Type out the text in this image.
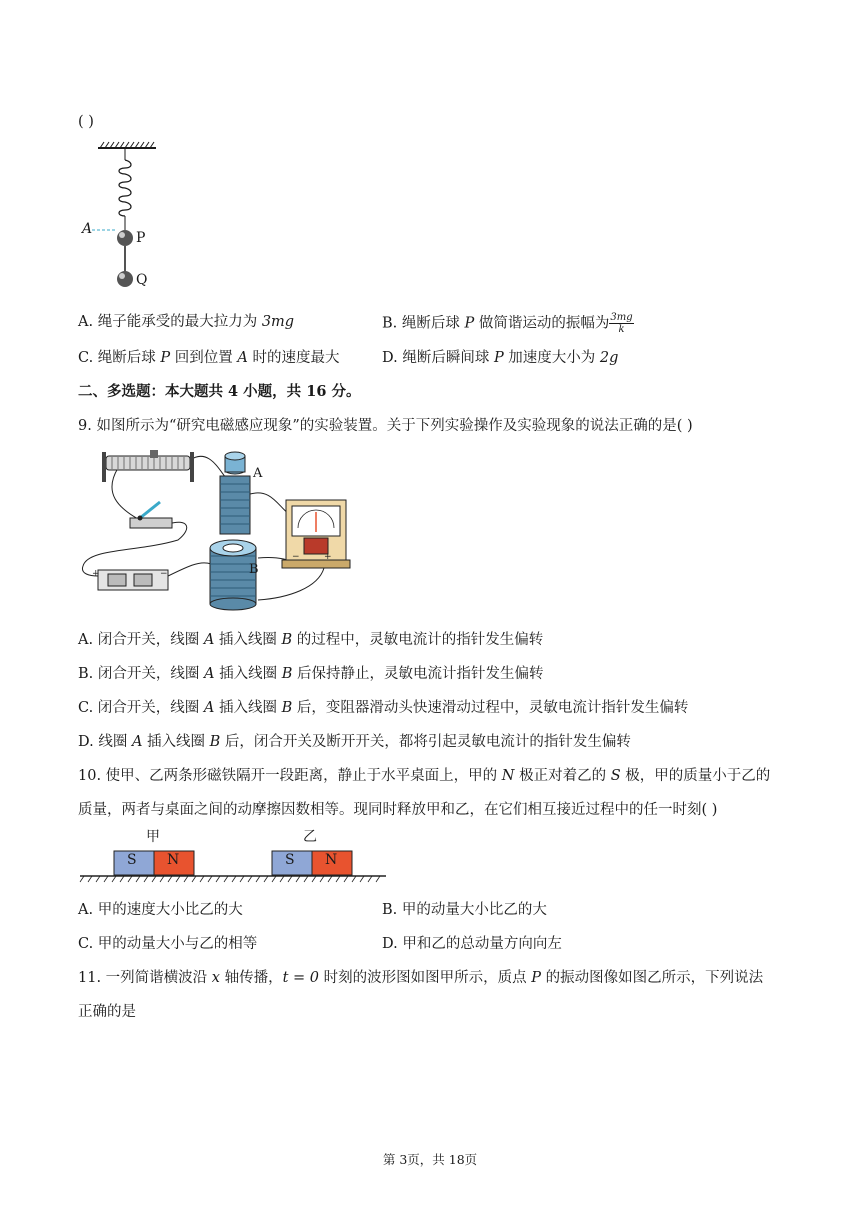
( )
A
P
Q
A. 绳子能承受的最大拉力为 3mg	B. 绳断后球 P 做简谐运动的振幅为 $\frac{3mg}{k}$
C. 绳断后球 P 回到位置 A 时的速度最大	D. 绳断后瞬间球 P 加速度大小为 2g
二、多选题：本大题共 4 小题，共 16 分。
9. 如图所示为“研究电磁感应现象”的实验装置。关于下列实验操作及实验现象的说法正确的是( )
+	−
−	+
A
B
A. 闭合开关，线圈 A 插入线圈 B 的过程中，灵敏电流计的指针发生偏转
B. 闭合开关，线圈 A 插入线圈 B 后保持静止，灵敏电流计指针发生偏转
C. 闭合开关，线圈 A 插入线圈 B 后，变阻器滑动头快速滑动过程中，灵敏电流计指针发生偏转
D. 线圈 A 插入线圈 B 后，闭合开关及断开开关，都将引起灵敏电流计的指针发生偏转
10. 使甲、乙两条形磁铁隔开一段距离，静止于水平桌面上，甲的 N 极正对着乙的 S 极，甲的质量小于乙的
质量，两者与桌面之间的动摩擦因数相等。现同时释放甲和乙，在它们相互接近过程中的任一时刻( )
甲	乙
S N	S N
A. 甲的速度大小比乙的大	B. 甲的动量大小比乙的大
C. 甲的动量大小与乙的相等	D. 甲和乙的总动量方向向左
11. 一列简谐横波沿 x 轴传播，t = 0 时刻的波形图如图甲所示，质点 P 的振动图像如图乙所示，下列说法
正确的是
第 3页，共 18页
